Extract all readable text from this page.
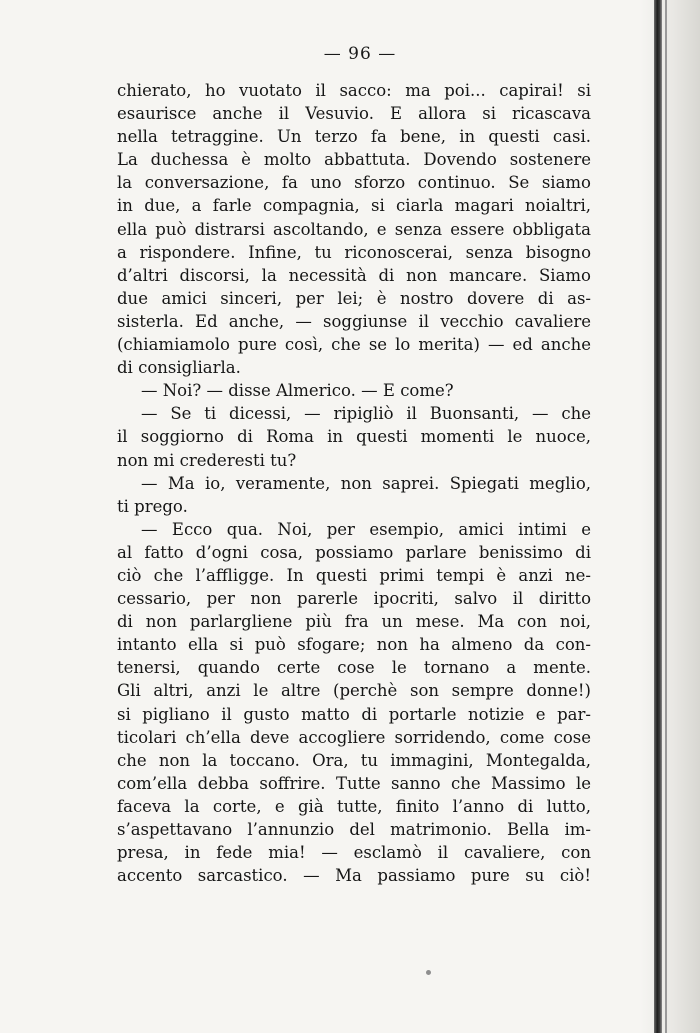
— 96 —
chierato, ho vuotato il sacco: ma poi... capirai! si
esaurisce anche il Vesuvio. E allora si ricascava
nella tetraggine. Un terzo fa bene, in questi casi.
La duchessa è molto abbattuta. Dovendo sostenere
la conversazione, fa uno sforzo continuo. Se siamo
in due, a farle compagnia, si ciarla magari noialtri,
ella può distrarsi ascoltando, e senza essere obbligata
a rispondere. Infine, tu riconoscerai, senza bisogno
d’altri discorsi, la necessità di non mancare. Siamo
due amici sinceri, per lei; è nostro dovere di as-
sisterla. Ed anche, — soggiunse il vecchio cavaliere
(chiamiamolo pure così, che se lo merita) — ed anche
di consigliarla.
— Noi? — disse Almerico. — E come?
— Se ti dicessi, — ripigliò il Buonsanti, — che
il soggiorno di Roma in questi momenti le nuoce,
non mi crederesti tu?
— Ma io, veramente, non saprei. Spiegati meglio,
ti prego.
— Ecco qua. Noi, per esempio, amici intimi e
al fatto d’ogni cosa, possiamo parlare benissimo di
ciò che l’affligge. In questi primi tempi è anzi ne-
cessario, per non parerle ipocriti, salvo il diritto
di non parlargliene più fra un mese. Ma con noi,
intanto ella si può sfogare; non ha almeno da con-
tenersi, quando certe cose le tornano a mente.
Gli altri, anzi le altre (perchè son sempre donne!)
si pigliano il gusto matto di portarle notizie e par-
ticolari ch’ella deve accogliere sorridendo, come cose
che non la toccano. Ora, tu immagini, Montegalda,
com’ella debba soffrire. Tutte sanno che Massimo le
faceva la corte, e già tutte, finito l’anno di lutto,
s’aspettavano l’annunzio del matrimonio. Bella im-
presa, in fede mia! — esclamò il cavaliere, con
accento sarcastico. — Ma passiamo pure su ciò!
